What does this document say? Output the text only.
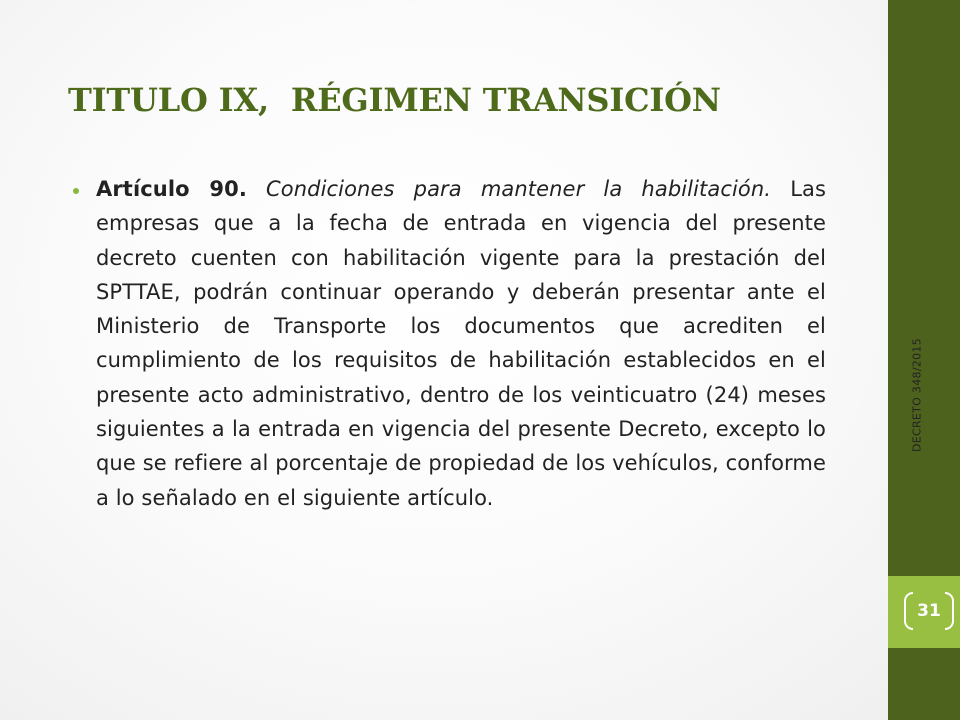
TITULO IX,  RÉGIMEN TRANSICIÓN

Artículo 90. Condiciones para mantener la habilitación. Las empresas que a la fecha de entrada en vigencia del presente decreto cuenten con habilitación vigente para la prestación del SPTTAE, podrán continuar operando y deberán presentar ante el Ministerio de Transporte los documentos que acrediten el cumplimiento de los requisitos de habilitación establecidos en el presente acto administrativo, dentro de los veinticuatro (24) meses siguientes a la entrada en vigencia del presente Decreto, excepto lo que se refiere al porcentaje de propiedad de los vehículos, conforme a lo señalado en el siguiente artículo.

DECRETO 348/2015
31
